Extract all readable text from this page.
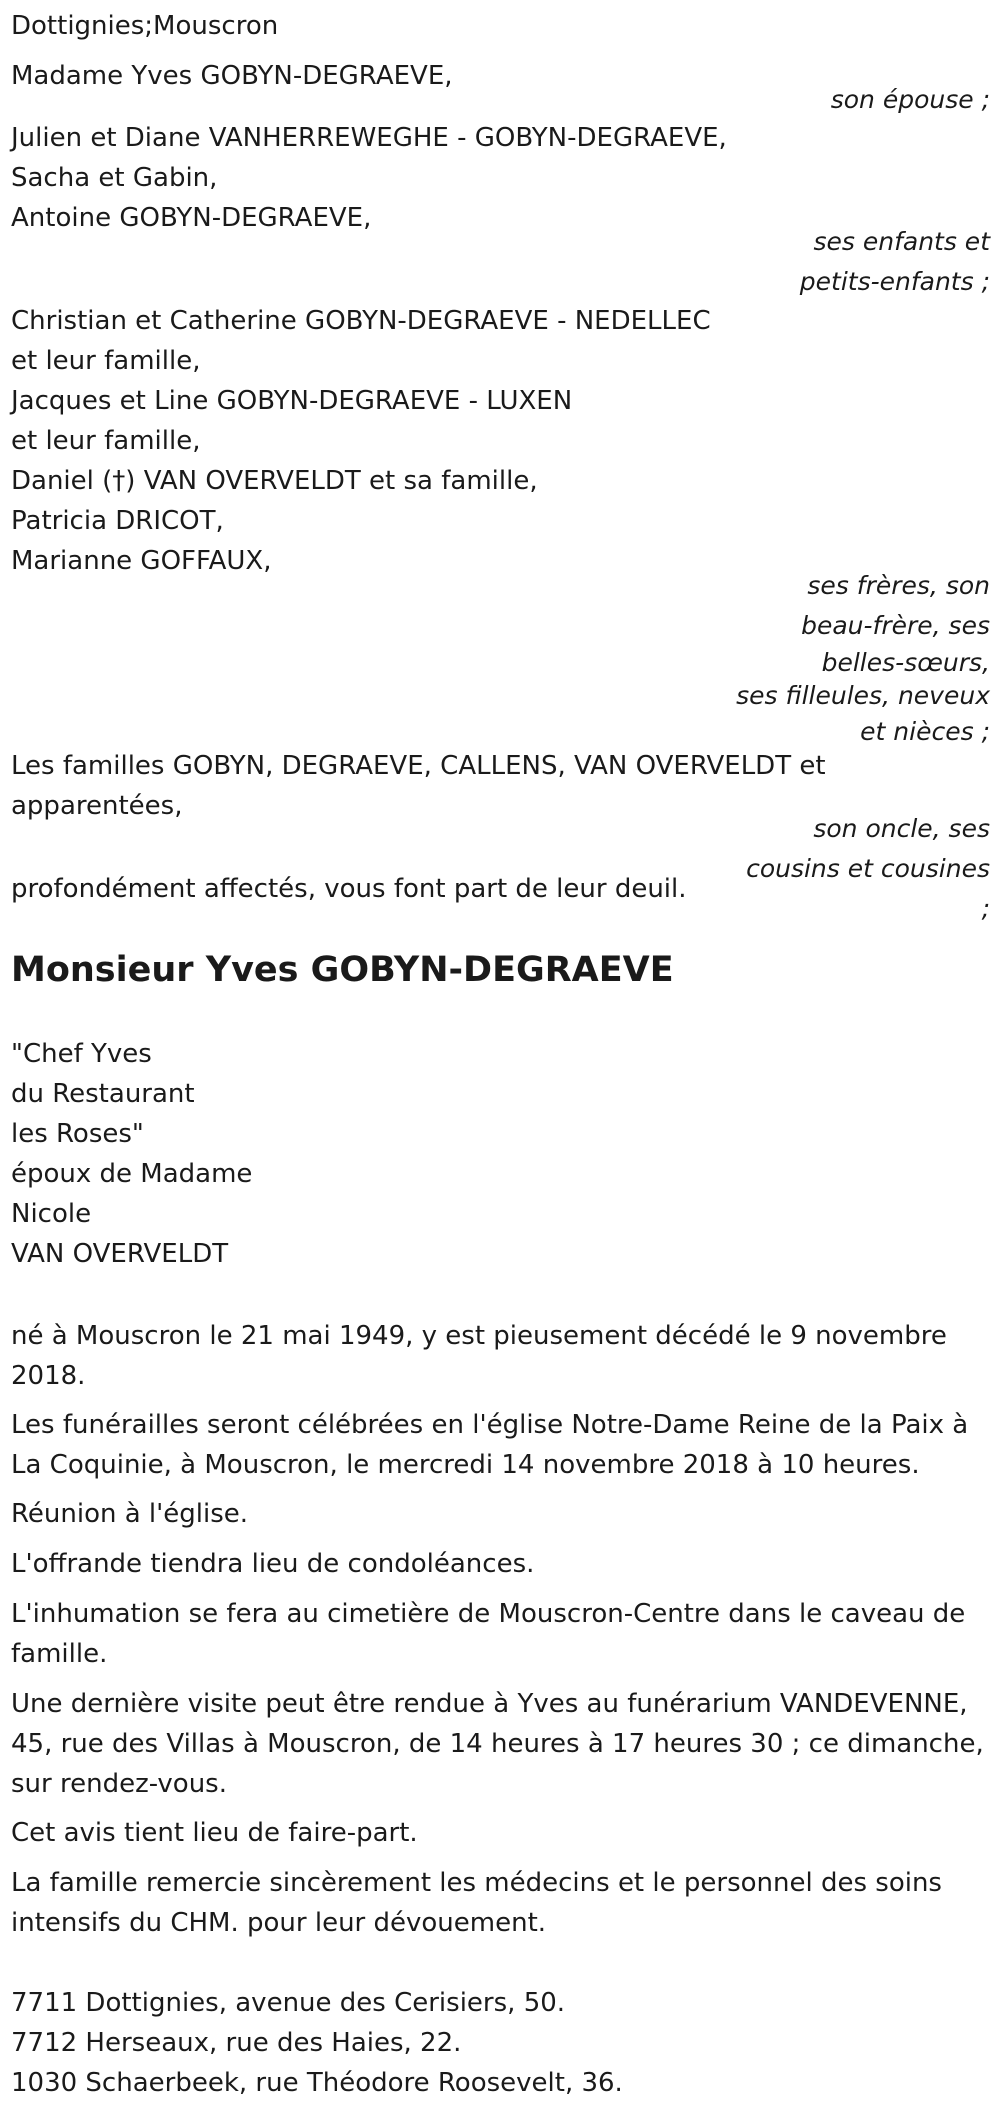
Dottignies;Mouscron

Madame Yves GOBYN-DEGRAEVE,

son épouse ;

Julien et Diane VANHERREWEGHE - GOBYN-DEGRAEVE,
Sacha et Gabin,
Antoine GOBYN-DEGRAEVE,
ses enfants et
petits-enfants ;
Christian et Catherine GOBYN-DEGRAEVE - NEDELLEC
et leur famille,
Jacques et Line GOBYN-DEGRAEVE - LUXEN
et leur famille,
Daniel (†) VAN OVERVELDT et sa famille,
Patricia DRICOT,
Marianne GOFFAUX,
ses frères, son
beau-frère, ses
belles-sœurs,
ses filleules, neveux
et nièces ;
Les familles GOBYN, DEGRAEVE, CALLENS, VAN OVERVELDT et
apparentées,
son oncle, ses
cousins et cousines
;

profondément affectés, vous font part de leur deuil.

Monsieur Yves GOBYN-DEGRAEVE
"Chef Yves
du Restaurant
les Roses"
époux de Madame
Nicole
VAN OVERVELDT
né à Mouscron le 21 mai 1949, y est pieusement décédé le 9 novembre
2018.
Les funérailles seront célébrées en l'église Notre-Dame Reine de la Paix à
La Coquinie, à Mouscron, le mercredi 14 novembre 2018 à 10 heures.
Réunion à l'église.
L'offrande tiendra lieu de condoléances.
L'inhumation se fera au cimetière de Mouscron-Centre dans le caveau de
famille.
Une dernière visite peut être rendue à Yves au funérarium VANDEVENNE,
45, rue des Villas à Mouscron, de 14 heures à 17 heures 30 ; ce dimanche,
sur rendez-vous.
Cet avis tient lieu de faire-part.
La famille remercie sincèrement les médecins et le personnel des soins
intensifs du CHM. pour leur dévouement.
7711 Dottignies, avenue des Cerisiers, 50.
7712 Herseaux, rue des Haies, 22.
1030 Schaerbeek, rue Théodore Roosevelt, 36.
